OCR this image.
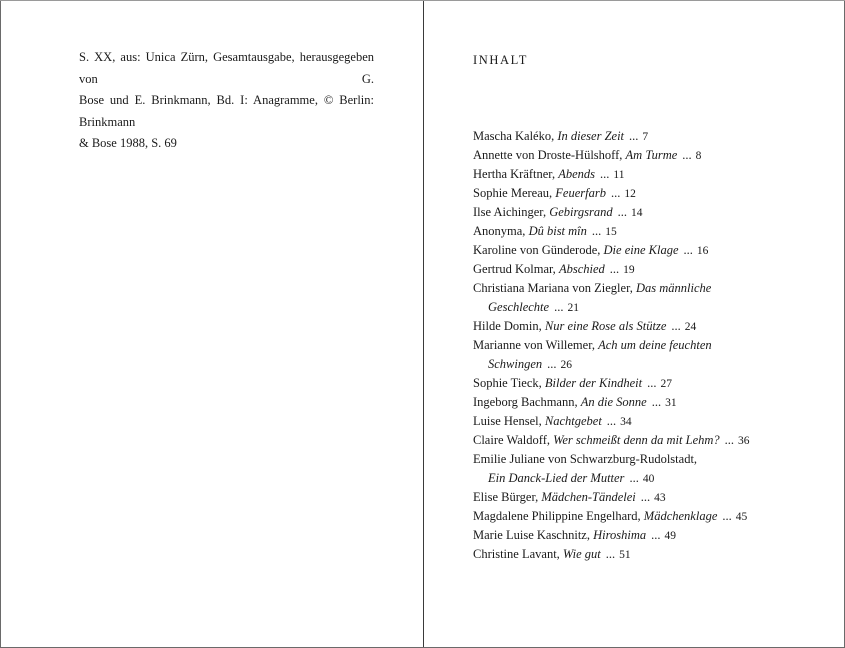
S. XX, aus: Unica Zürn, Gesamtausgabe, herausgegeben von G.
Bose und E. Brinkmann, Bd. I: Anagramme, © Berlin: Brinkmann
& Bose 1988, S. 69
INHALT
Mascha Kaléko, In dieser Zeit ... 7
Annette von Droste-Hülshoff, Am Turme ... 8
Hertha Kräftner, Abends ... 11
Sophie Mereau, Feuerfarb ... 12
Ilse Aichinger, Gebirgsrand ... 14
Anonyma, Dû bist mîn ... 15
Karoline von Günderode, Die eine Klage ... 16
Gertrud Kolmar, Abschied ... 19
Christiana Mariana von Ziegler, Das männliche
Geschlechte ... 21
Hilde Domin, Nur eine Rose als Stütze ... 24
Marianne von Willemer, Ach um deine feuchten
Schwingen ... 26
Sophie Tieck, Bilder der Kindheit ... 27
Ingeborg Bachmann, An die Sonne ... 31
Luise Hensel, Nachtgebet ... 34
Claire Waldoff, Wer schmeißt denn da mit Lehm? ... 36
Emilie Juliane von Schwarzburg-Rudolstadt,
Ein Danck-Lied der Mutter ... 40
Elise Bürger, Mädchen-Tändelei ... 43
Magdalene Philippine Engelhard, Mädchenklage ... 45
Marie Luise Kaschnitz, Hiroshima ... 49
Christine Lavant, Wie gut ... 51
